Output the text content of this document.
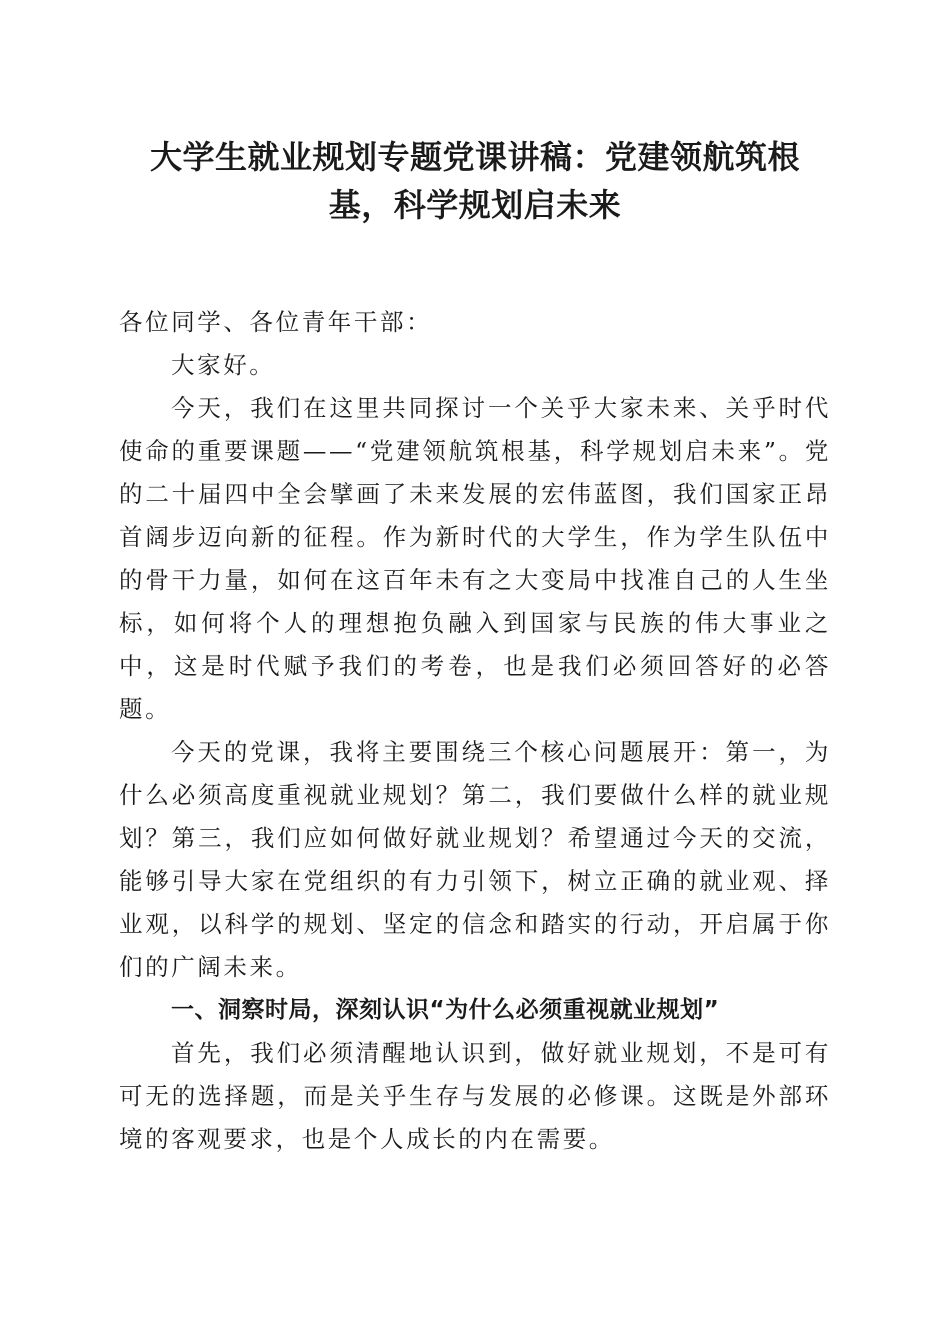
大学生就业规划专题党课讲稿：党建领航筑根基，科学规划启未来

各位同学、各位青年干部：

大家好。

今天，我们在这里共同探讨一个关乎大家未来、关乎时代使命的重要课题——“党建领航筑根基，科学规划启未来”。党的二十届四中全会擘画了未来发展的宏伟蓝图，我们国家正昂首阔步迈向新的征程。作为新时代的大学生，作为学生队伍中的骨干力量，如何在这百年未有之大变局中找准自己的人生坐标，如何将个人的理想抱负融入到国家与民族的伟大事业之中，这是时代赋予我们的考卷，也是我们必须回答好的必答题。

今天的党课，我将主要围绕三个核心问题展开：第一，为什么必须高度重视就业规划？第二，我们要做什么样的就业规划？第三，我们应如何做好就业规划？希望通过今天的交流，能够引导大家在党组织的有力引领下，树立正确的就业观、择业观，以科学的规划、坚定的信念和踏实的行动，开启属于你们的广阔未来。

一、洞察时局，深刻认识“为什么必须重视就业规划”

首先，我们必须清醒地认识到，做好就业规划，不是可有可无的选择题，而是关乎生存与发展的必修课。这既是外部环境的客观要求，也是个人成长的内在需要。
